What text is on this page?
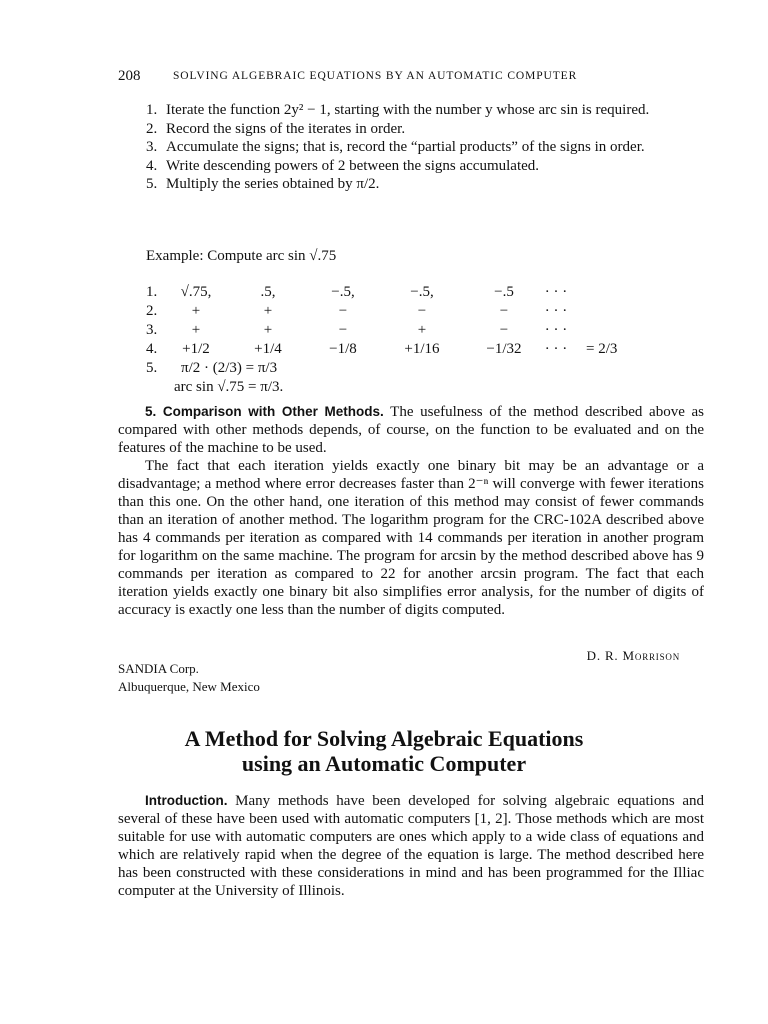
208	SOLVING ALGEBRAIC EQUATIONS BY AN AUTOMATIC COMPUTER
1. Iterate the function 2y² − 1, starting with the number y whose arc sin is required.
2. Record the signs of the iterates in order.
3. Accumulate the signs; that is, record the “partial products” of the signs in order.
4. Write descending powers of 2 between the signs accumulated.
5. Multiply the series obtained by π/2.
Example: Compute arc sin √.75
1. √.75,	.5,	−.5,	−.5,	−.5 · · ·
2. +	+	−	−	− · · ·
3. +	+	−	+	− · · ·
4. +1/2	+1/4	−1/8	+1/16	−1/32 · · · = 2/3
5. π/2 · (2/3) = π/3
arc sin √.75 = π/3.

5. Comparison with Other Methods. The usefulness of the method described above as compared with other methods depends, of course, on the function to be evaluated and on the features of the machine to be used.

The fact that each iteration yields exactly one binary bit may be an advantage or a disadvantage; a method where error decreases faster than 2⁻ⁿ will converge with fewer iterations than this one. On the other hand, one iteration of this method may consist of fewer commands than an iteration of another method. The logarithm program for the CRC-102A described above has 4 commands per iteration as compared with 14 commands per iteration in another program for logarithm on the same machine. The program for arcsin by the method described above has 9 commands per iteration as compared to 22 for another arcsin program. The fact that each iteration yields exactly one binary bit also simplifies error analysis, for the number of digits of accuracy is exactly one less than the number of digits computed.

D. R. Morrison
SANDIA Corp.
Albuquerque, New Mexico
A Method for Solving Algebraic Equations
using an Automatic Computer

Introduction. Many methods have been developed for solving algebraic equations and several of these have been used with automatic computers [1, 2]. Those methods which are most suitable for use with automatic computers are ones which apply to a wide class of equations and which are relatively rapid when the degree of the equation is large. The method described here has been constructed with these considerations in mind and has been programmed for the Illiac computer at the University of Illinois.
